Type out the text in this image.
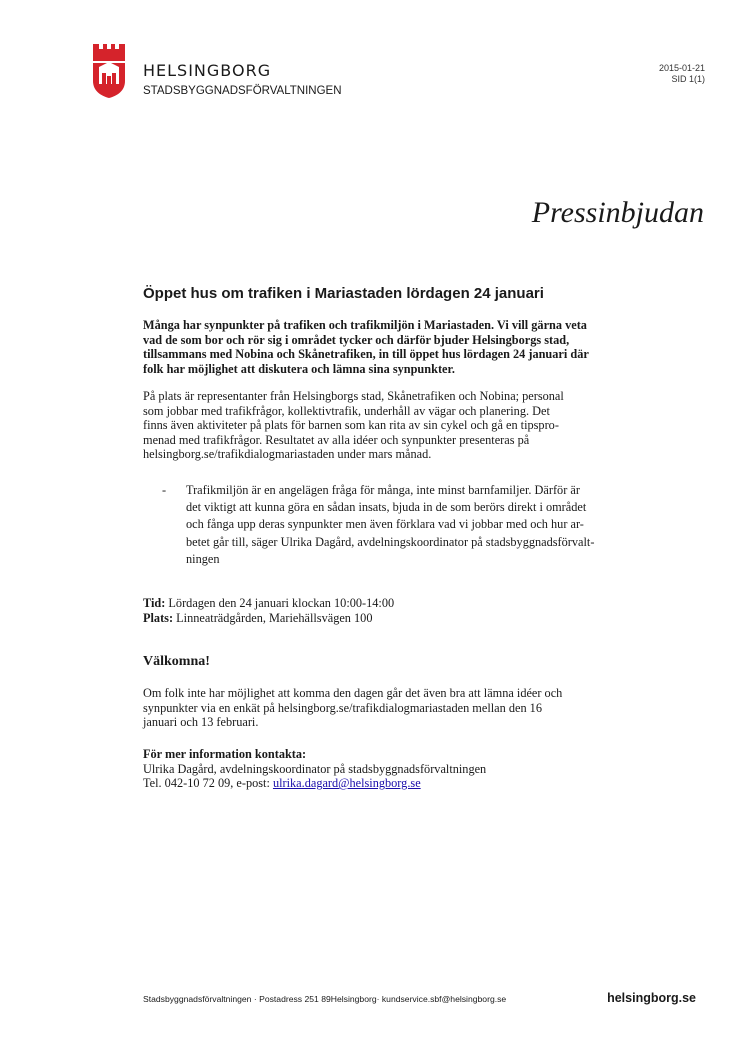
HELSINGBORG
STADSBYGGNADSFÖRVALTNINGEN
2015-01-21
SID 1(1)
Pressinbjudan
Öppet hus om trafiken i Mariastaden lördagen 24 januari
Många har synpunkter på trafiken och trafikmiljön i Mariastaden. Vi vill gärna veta
vad de som bor och rör sig i området tycker och därför bjuder Helsingborgs stad,
tillsammans med Nobina och Skånetrafiken, in till öppet hus lördagen 24 januari där
folk har möjlighet att diskutera och lämna sina synpunkter.
På plats är representanter från Helsingborgs stad, Skånetrafiken och Nobina; personal
som jobbar med trafikfrågor, kollektivtrafik, underhåll av vägar och planering. Det
finns även aktiviteter på plats för barnen som kan rita av sin cykel och gå en tipspro-
menad med trafikfrågor. Resultatet av alla idéer och synpunkter presenteras på
helsingborg.se/trafikdialogmariastaden under mars månad.
- Trafikmiljön är en angelägen fråga för många, inte minst barnfamiljer. Därför är
det viktigt att kunna göra en sådan insats, bjuda in de som berörs direkt i området
och fånga upp deras synpunkter men även förklara vad vi jobbar med och hur ar-
betet går till, säger Ulrika Dagård, avdelningskoordinator på stadsbyggnadsförvalt-
ningen
Tid: Lördagen den 24 januari klockan 10:00-14:00
Plats: Linneaträdgården, Mariehällsvägen 100
Välkomna!
Om folk inte har möjlighet att komma den dagen går det även bra att lämna idéer och
synpunkter via en enkät på helsingborg.se/trafikdialogmariastaden mellan den 16
januari och 13 februari.
För mer information kontakta:
Ulrika Dagård, avdelningskoordinator på stadsbyggnadsförvaltningen
Tel. 042-10 72 09, e-post: ulrika.dagard@helsingborg.se
Stadsbyggnadsförvaltningen · Postadress 251 89Helsingborg· kundservice.sbf@helsingborg.se	helsingborg.se
